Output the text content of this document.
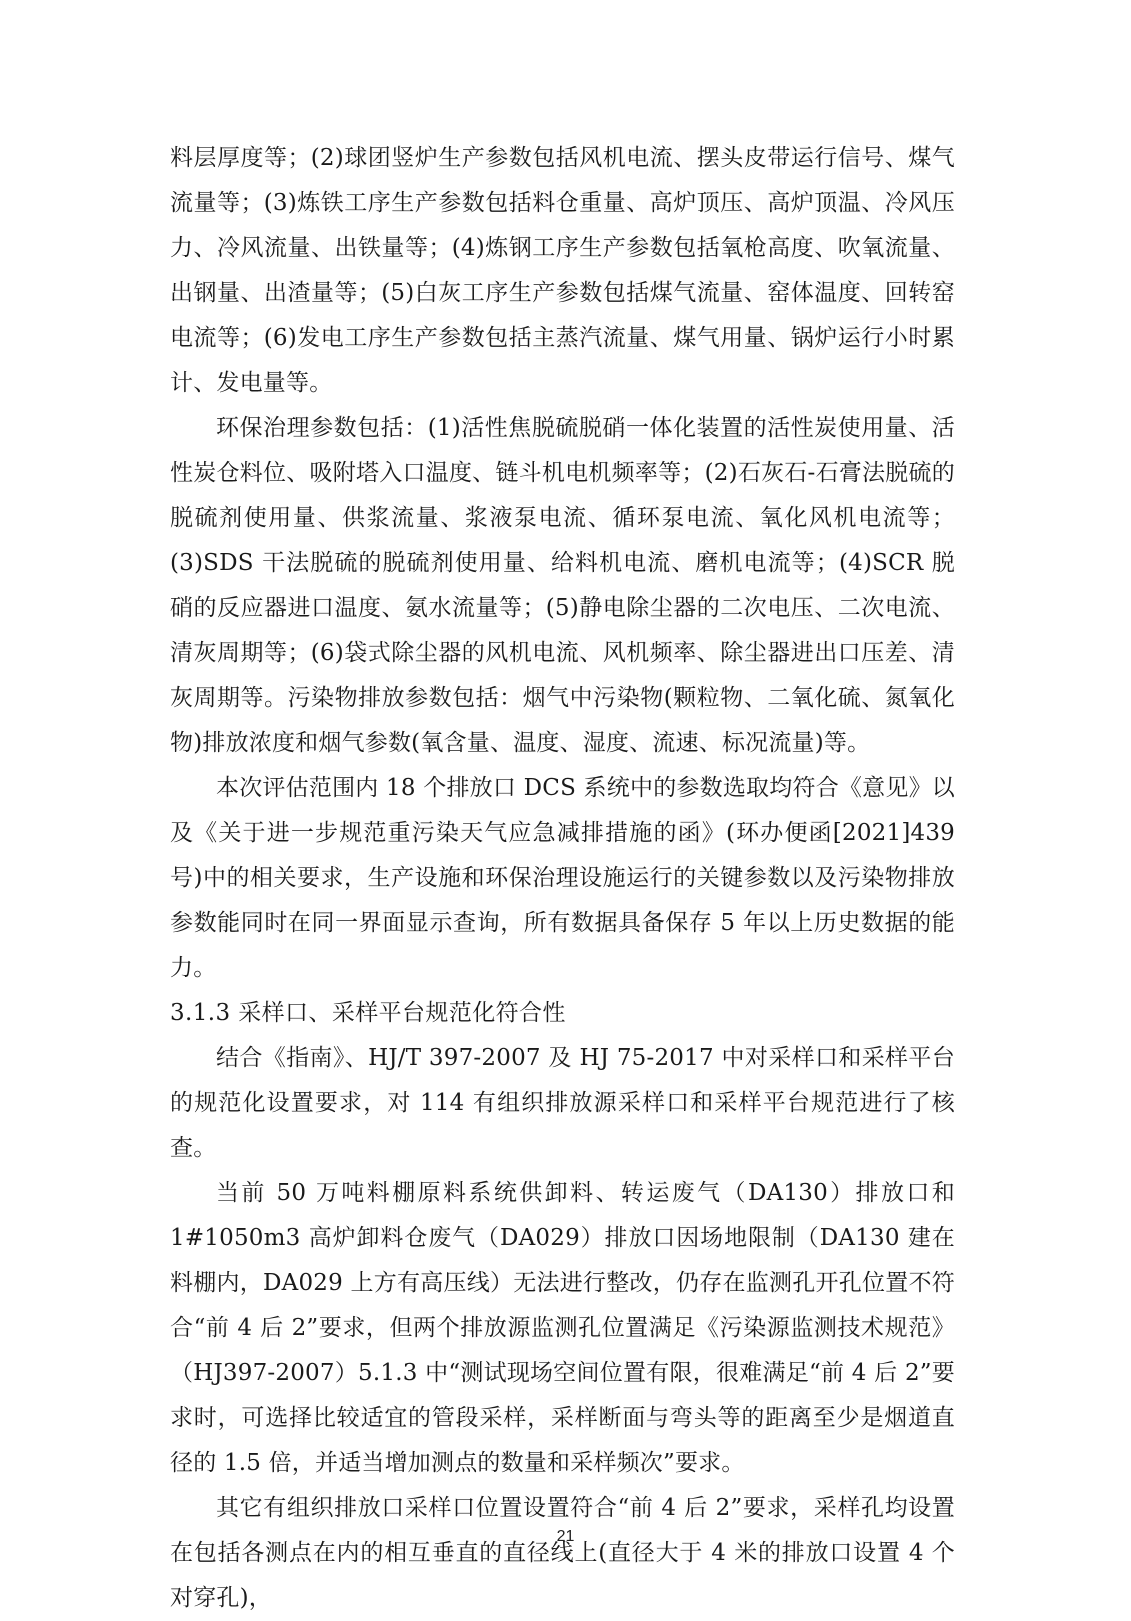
料层厚度等；(2)球团竖炉生产参数包括风机电流、摆头皮带运行信号、煤气流量等；(3)炼铁工序生产参数包括料仓重量、高炉顶压、高炉顶温、冷风压力、冷风流量、出铁量等；(4)炼钢工序生产参数包括氧枪高度、吹氧流量、出钢量、出渣量等；(5)白灰工序生产参数包括煤气流量、窑体温度、回转窑电流等；(6)发电工序生产参数包括主蒸汽流量、煤气用量、锅炉运行小时累计、发电量等。

环保治理参数包括：(1)活性焦脱硫脱硝一体化装置的活性炭使用量、活性炭仓料位、吸附塔入口温度、链斗机电机频率等；(2)石灰石-石膏法脱硫的脱硫剂使用量、供浆流量、浆液泵电流、循环泵电流、氧化风机电流等；(3)SDS 干法脱硫的脱硫剂使用量、给料机电流、磨机电流等；(4)SCR 脱硝的反应器进口温度、氨水流量等；(5)静电除尘器的二次电压、二次电流、清灰周期等；(6)袋式除尘器的风机电流、风机频率、除尘器进出口压差、清灰周期等。污染物排放参数包括：烟气中污染物(颗粒物、二氧化硫、氮氧化物)排放浓度和烟气参数(氧含量、温度、湿度、流速、标况流量)等。

本次评估范围内 18 个排放口 DCS 系统中的参数选取均符合《意见》以及《关于进一步规范重污染天气应急减排措施的函》(环办便函[2021]439 号)中的相关要求，生产设施和环保治理设施运行的关键参数以及污染物排放参数能同时在同一界面显示查询，所有数据具备保存 5 年以上历史数据的能力。

3.1.3 采样口、采样平台规范化符合性

结合《指南》、HJ/T 397-2007 及 HJ 75-2017 中对采样口和采样平台的规范化设置要求，对 114 有组织排放源采样口和采样平台规范进行了核查。

当前 50 万吨料棚原料系统供卸料、转运废气（DA130）排放口和 1#1050m3 高炉卸料仓废气（DA029）排放口因场地限制（DA130 建在料棚内，DA029 上方有高压线）无法进行整改，仍存在监测孔开孔位置不符合“前 4 后 2”要求，但两个排放源监测孔位置满足《污染源监测技术规范》（HJ397-2007）5.1.3 中“测试现场空间位置有限，很难满足“前 4 后 2”要求时，可选择比较适宜的管段采样，采样断面与弯头等的距离至少是烟道直径的 1.5 倍，并适当增加测点的数量和采样频次”要求。

其它有组织排放口采样口位置设置符合“前 4 后 2”要求，采样孔均设置在包括各测点在内的相互垂直的直径线上(直径大于 4 米的排放口设置 4 个对穿孔)，

21
